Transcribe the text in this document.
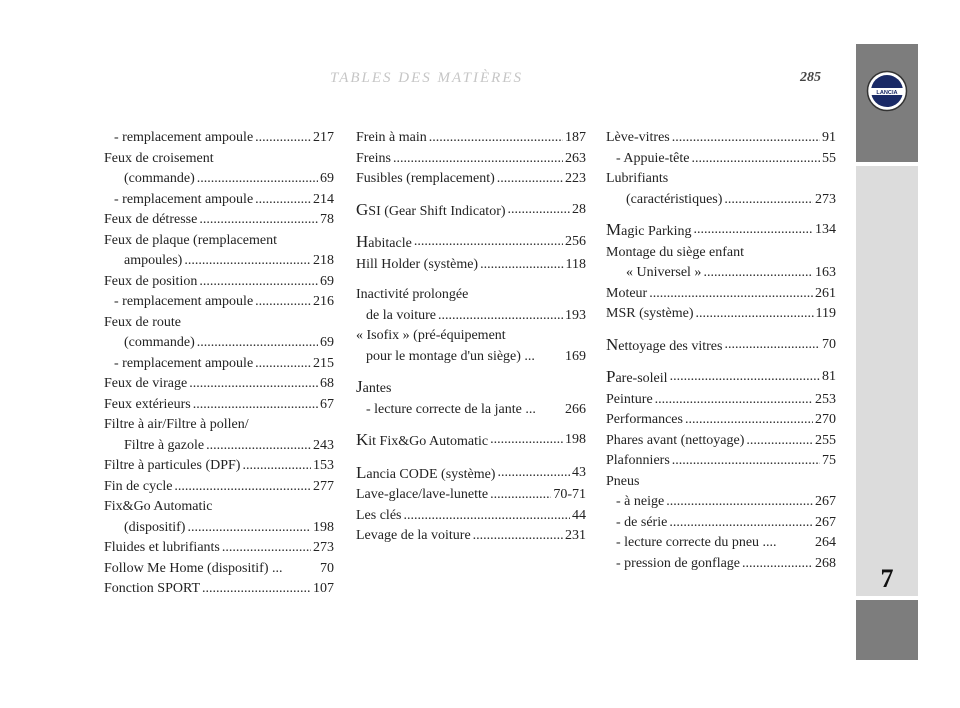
TABLES DES MATIÈRES	285
LANCIA
7
- remplacement ampoule .....	217
Feux de croisement
(commande) .....	69
- remplacement ampoule .....	214
Feux de détresse .....	78
Feux de plaque (remplacement
ampoules) .....	218
Feux de position .....	69
- remplacement ampoule .....	216
Feux de route
(commande) .....	69
- remplacement ampoule .....	215
Feux de virage .....	68
Feux extérieurs .....	67
Filtre à air/Filtre à pollen/
Filtre à gazole .....	243
Filtre à particules (DPF) .....	153
Fin de cycle .....	277
Fix&Go Automatic
(dispositif) .....	198
Fluides et lubrifiants .....	273
Follow Me Home (dispositif) ...	70
Fonction SPORT .....	107
Frein à main .....	187
Freins .....	263
Fusibles (remplacement) .....	223
GSI (Gear Shift Indicator) .....	28
Habitacle .....	256
Hill Holder (système) .....	118
Inactivité prolongée
de la voiture .....	193
« Isofix » (pré-équipement
pour le montage d'un siège) ... 169
Jantes
- lecture correcte de la jante ... 266
Kit Fix&Go Automatic .....	198
Lancia CODE (système) .....	43
Lave-glace/lave-lunette .....	70-71
Les clés .....	44
Levage de la voiture .....	231
Lève-vitres .....	91
- Appuie-tête .....	55
Lubrifiants
(caractéristiques) .....	273
Magic Parking .....	134
Montage du siège enfant
« Universel » .....	163
Moteur .....	261
MSR (système) .....	119
Nettoyage des vitres .....	70
Pare-soleil .....	81
Peinture .....	253
Performances .....	270
Phares avant (nettoyage) .....	255
Plafonniers .....	75
Pneus
- à neige .....	267
- de série .....	267
- lecture correcte du pneu ....	264
- pression de gonflage .....	268
